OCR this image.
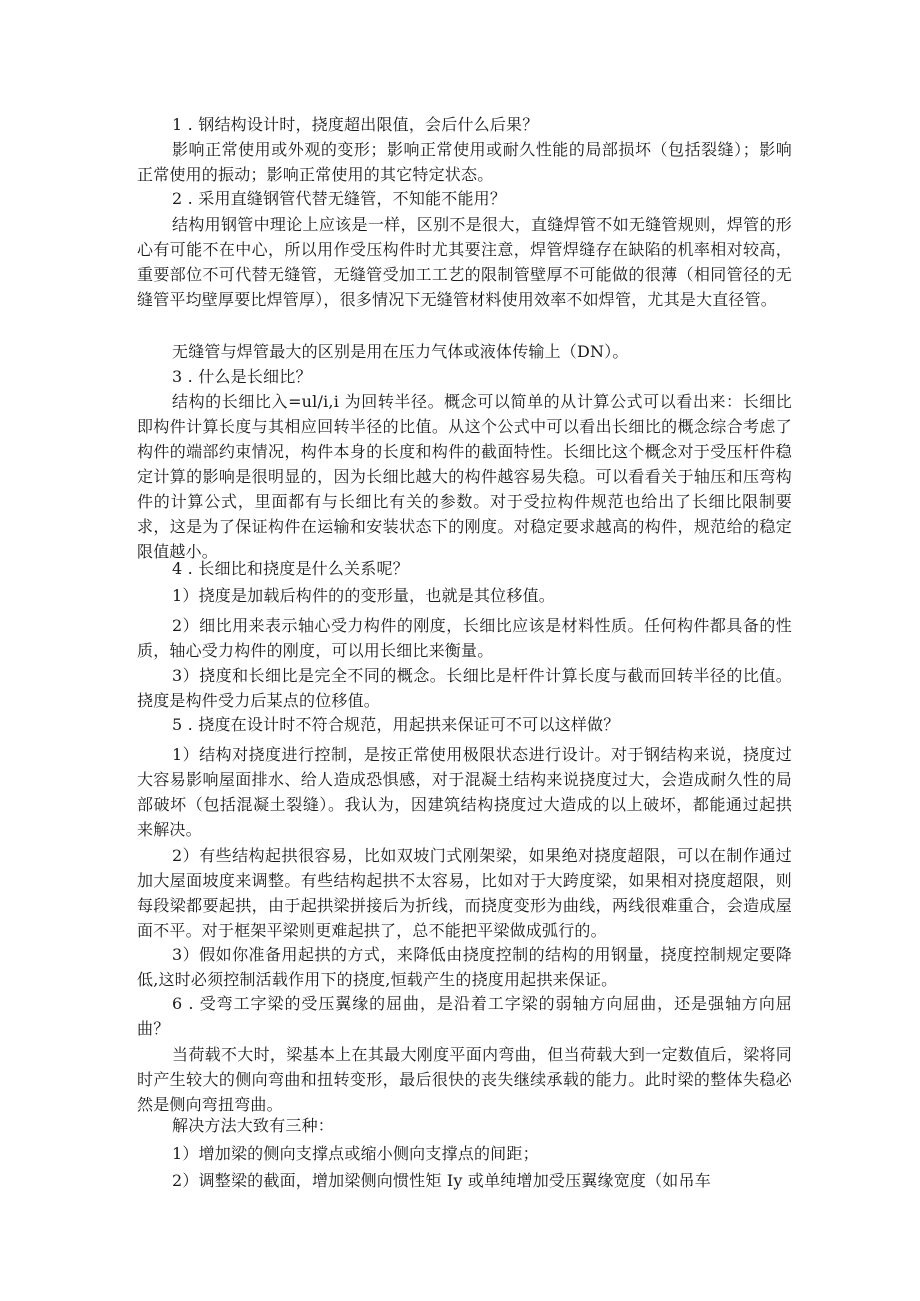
1 . 钢结构设计时，挠度超出限值，会后什么后果？

影响正常使用或外观的变形；影响正常使用或耐久性能的局部损坏（包括裂缝）；影响正常使用的振动；影响正常使用的其它特定状态。

2 . 采用直缝钢管代替无缝管，不知能不能用？

结构用钢管中理论上应该是一样，区别不是很大，直缝焊管不如无缝管规则，焊管的形心有可能不在中心，所以用作受压构件时尤其要注意，焊管焊缝存在缺陷的机率相对较高，重要部位不可代替无缝管，无缝管受加工工艺的限制管壁厚不可能做的很薄（相同管径的无缝管平均壁厚要比焊管厚），很多情况下无缝管材料使用效率不如焊管，尤其是大直径管。

无缝管与焊管最大的区别是用在压力气体或液体传输上（DN）。

3 . 什么是长细比？

结构的长细比入=ul∕i,i 为回转半径。概念可以简单的从计算公式可以看出来：长细比即构件计算长度与其相应回转半径的比值。从这个公式中可以看出长细比的概念综合考虑了构件的端部约束情况，构件本身的长度和构件的截面特性。长细比这个概念对于受压杆件稳定计算的影响是很明显的，因为长细比越大的构件越容易失稳。可以看看关于轴压和压弯构件的计算公式，里面都有与长细比有关的参数。对于受拉构件规范也给出了长细比限制要求，这是为了保证构件在运输和安装状态下的刚度。对稳定要求越高的构件，规范给的稳定限值越小。

4 . 长细比和挠度是什么关系呢？

1）挠度是加载后构件的的变形量，也就是其位移值。

2）细比用来表示轴心受力构件的刚度，长细比应该是材料性质。任何构件都具备的性质，轴心受力构件的刚度，可以用长细比来衡量。

3）挠度和长细比是完全不同的概念。长细比是杆件计算长度与截而回转半径的比值。挠度是构件受力后某点的位移值。

5 . 挠度在设计时不符合规范，用起拱来保证可不可以这样做？

1）结构对挠度进行控制，是按正常使用极限状态进行设计。对于钢结构来说，挠度过大容易影响屋面排水、给人造成恐惧感，对于混凝土结构来说挠度过大，会造成耐久性的局部破坏（包括混凝土裂缝）。我认为，因建筑结构挠度过大造成的以上破坏，都能通过起拱来解决。

2）有些结构起拱很容易，比如双坡门式刚架梁，如果绝对挠度超限，可以在制作通过加大屋面坡度来调整。有些结构起拱不太容易，比如对于大跨度梁，如果相对挠度超限，则每段梁都要起拱，由于起拱梁拼接后为折线，而挠度变形为曲线，两线很难重合，会造成屋面不平。对于框架平梁则更难起拱了，总不能把平梁做成弧行的。

3）假如你准备用起拱的方式，来降低由挠度控制的结构的用钢量，挠度控制规定要降低,这时必须控制活载作用下的挠度,恒载产生的挠度用起拱来保证。

6 . 受弯工字梁的受压翼缘的屈曲，是沿着工字梁的弱轴方向屈曲，还是强轴方向屈曲？

当荷载不大时，梁基本上在其最大刚度平面内弯曲，但当荷载大到一定数值后，梁将同时产生较大的侧向弯曲和扭转变形，最后很快的丧失继续承载的能力。此时梁的整体失稳必然是侧向弯扭弯曲。

解决方法大致有三种：

1）增加梁的侧向支撑点或缩小侧向支撑点的间距；

2）调整梁的截面，增加梁侧向惯性矩 Iy 或单纯增加受压翼缘宽度（如吊车
